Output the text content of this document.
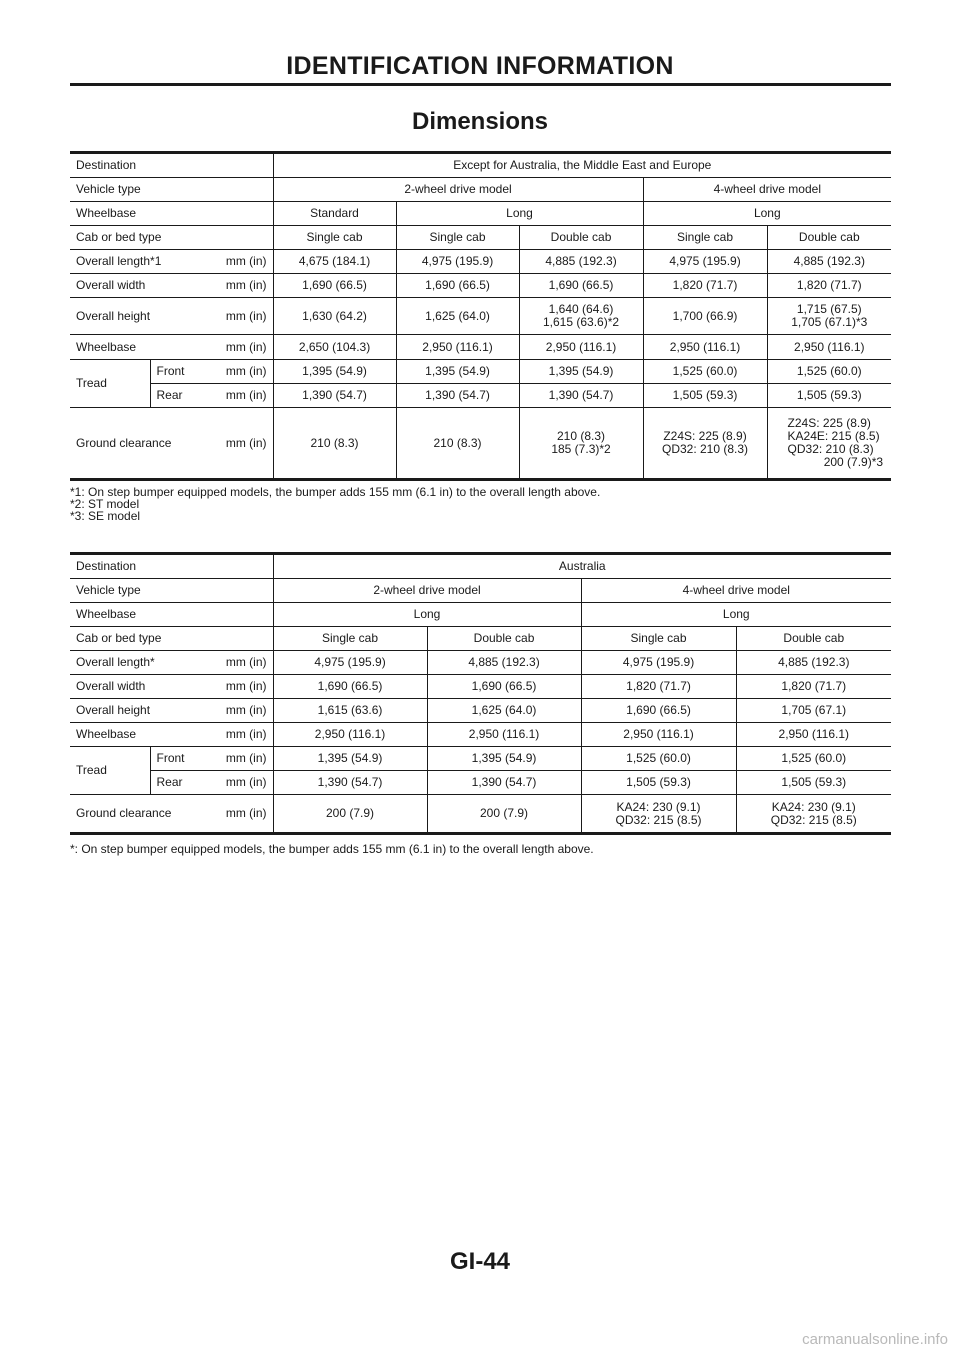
IDENTIFICATION INFORMATION
Dimensions
Destination		Except for Australia, the Middle East and Europe				
Vehicle type		2-wheel drive model			4-wheel drive model	
Wheelbase		Standard	Long		Long	
Cab or bed type		Single cab	Single cab	Double cab	Single cab	Double cab

Overall length*1 mm (in)		4,675 (184.1)	4,975 (195.9)	4,885 (192.3)	4,975 (195.9)	4,885 (192.3)

Overall width mm (in)		1,690 (66.5)	1,690 (66.5)	1,690 (66.5)	1,820 (71.7)	1,820 (71.7)

Overall height mm (in)		1,630 (64.2)	1,625 (64.0)	1,640 (64.6)
1,615 (63.6)*2	1,700 (66.9)	1,715 (67.5)
1,705 (67.1)*3

Wheelbase mm (in)		2,650 (104.3)	2,950 (116.1)	2,950 (116.1)	2,950 (116.1)	2,950 (116.1)
Tread	Front mm (in)	1,395 (54.9)	1,395 (54.9)	1,395 (54.9)	1,525 (60.0)	1,525 (60.0)

	Rear mm (in)	1,390 (54.7)	1,390 (54.7)	1,390 (54.7)	1,505 (59.3)	1,505 (59.3)

Ground clearance mm (in)		210 (8.3)	210 (8.3)	210 (8.3)
185 (7.3)*2	Z24S: 225 (8.9)
QD32: 210 (8.3)	Z24S: 225 (8.9)
KA24E: 215 (8.5)
QD32: 210 (8.3)
200 (7.9)*3
*1: On step bumper equipped models, the bumper adds 155 mm (6.1 in) to the overall length above.
*2: ST model
*3: SE model
Destination		Australia			
Vehicle type		2-wheel drive model		4-wheel drive model	
Wheelbase		Long		Long	
Cab or bed type		Single cab	Double cab	Single cab	Double cab

Overall length* mm (in)		4,975 (195.9)	4,885 (192.3)	4,975 (195.9)	4,885 (192.3)

Overall width mm (in)		1,690 (66.5)	1,690 (66.5)	1,820 (71.7)	1,820 (71.7)

Overall height mm (in)		1,615 (63.6)	1,625 (64.0)	1,690 (66.5)	1,705 (67.1)

Wheelbase mm (in)		2,950 (116.1)	2,950 (116.1)	2,950 (116.1)	2,950 (116.1)
Tread	Front mm (in)	1,395 (54.9)	1,395 (54.9)	1,525 (60.0)	1,525 (60.0)

	Rear mm (in)	1,390 (54.7)	1,390 (54.7)	1,505 (59.3)	1,505 (59.3)

Ground clearance mm (in)		200 (7.9)	200 (7.9)	KA24: 230 (9.1)
QD32: 215 (8.5)	KA24: 230 (9.1)
QD32: 215 (8.5)
*: On step bumper equipped models, the bumper adds 155 mm (6.1 in) to the overall length above.
GI-44
carmanualsonline.info
